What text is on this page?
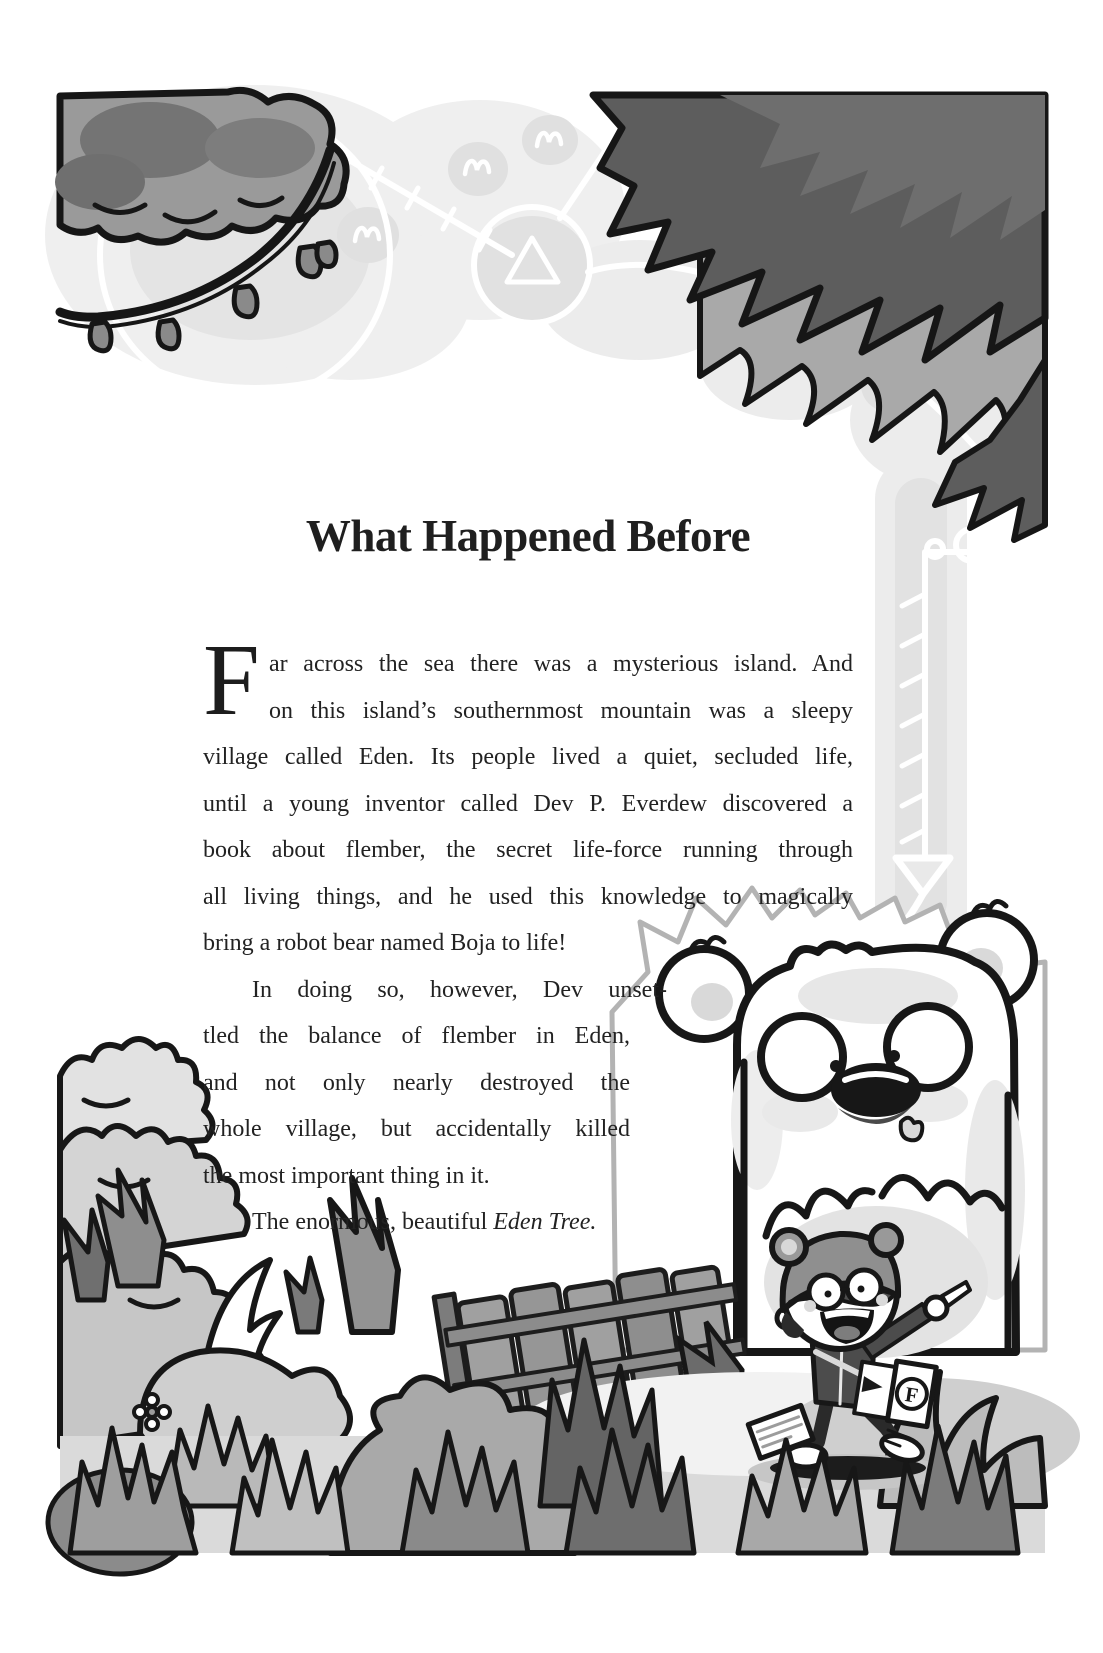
F
What Happened Before
F ar across the sea there was a mysterious island. And
on this island’s southernmost mountain was a sleepy
village called Eden. Its people lived a quiet, secluded life,
until a young inventor called Dev P. Everdew discovered a
book about flember, the secret life-force running through
all living things, and he used this knowledge to magically
bring a robot bear named Boja to life!
In doing so, however, Dev unset-
tled the balance of flember in Eden,
and not only nearly destroyed the
whole village, but accidentally killed
the most important thing in it.
The enormous, beautiful Eden Tree.
